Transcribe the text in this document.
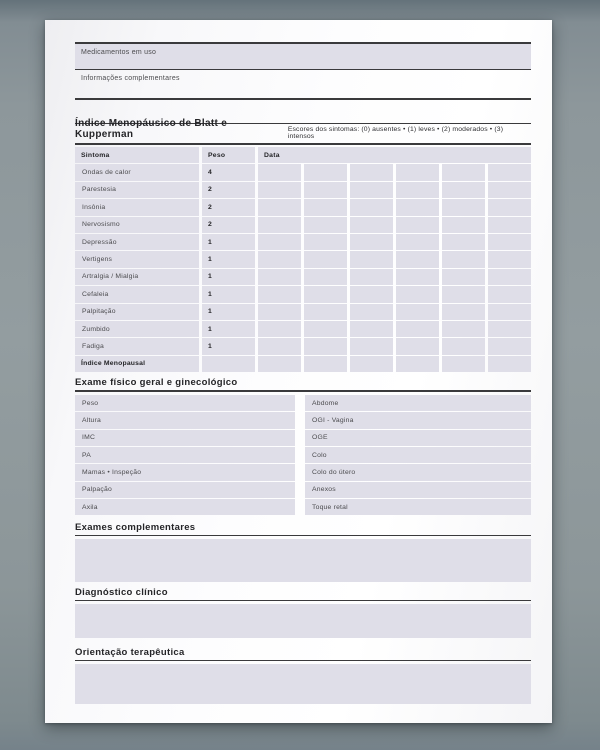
Medicamentos em uso
Informações complementares
Índice Menopáusico de Blatt e Kupperman	Escores dos sintomas: (0) ausentes • (1) leves • (2) moderados • (3) intensos
Sintoma	Peso	Data
Ondas de calor	4
Parestesia	2
Insônia	2
Nervosismo	2
Depressão	1
Vertigens	1
Artralgia / Mialgia	1
Cefaleia	1
Palpitação	1
Zumbido	1
Fadiga	1
Índice Menopausal
Exame físico geral e ginecológico
Peso	Abdome
Altura	OGI - Vagina
IMC	OGE
PA	Colo
Mamas • Inspeção	Colo do útero
Palpação	Anexos
Axila	Toque retal
Exames complementares
Diagnóstico clínico
Orientação terapêutica
